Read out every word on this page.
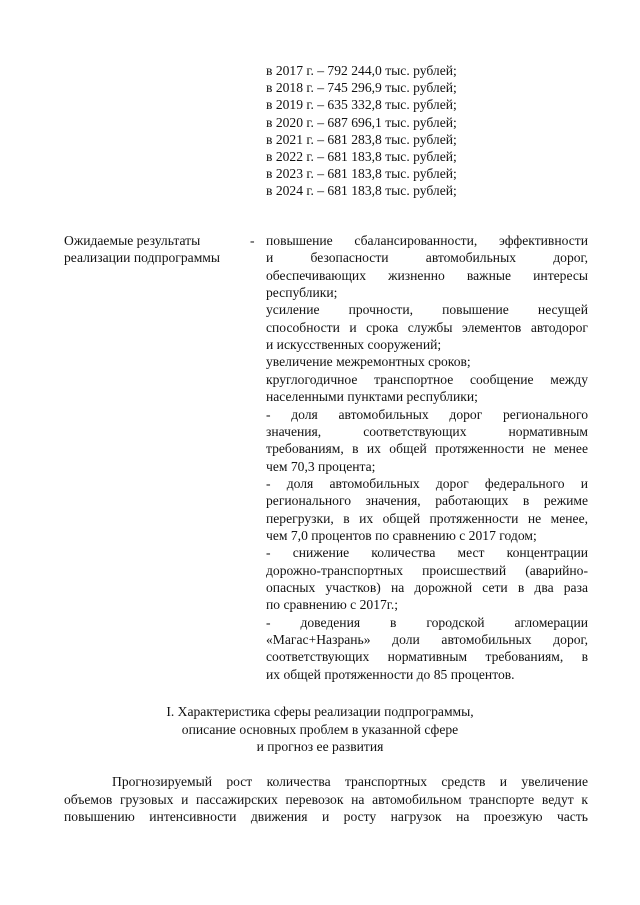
в 2017 г. – 792 244,0 тыс. рублей;
в 2018 г. – 745 296,9 тыс. рублей;
в 2019 г. – 635 332,8 тыс. рублей;
в 2020 г. – 687 696,1 тыс. рублей;
в 2021 г. – 681 283,8 тыс. рублей;
в 2022 г. – 681 183,8 тыс. рублей;
в 2023 г. – 681 183,8 тыс. рублей;
в 2024 г. – 681 183,8 тыс. рублей;
Ожидаемые результаты
реализации подпрограммы
- повышение сбалансированности, эффективности
и безопасности автомобильных дорог,
обеспечивающих жизненно важные интересы
республики;
усиление прочности, повышение несущей
способности и срока службы элементов автодорог
и искусственных сооружений;
увеличение межремонтных сроков;
круглогодичное транспортное сообщение между
населенными пунктами республики;
- доля автомобильных дорог регионального
значения, соответствующих нормативным
требованиям, в их общей протяженности не менее
чем 70,3 процента;
- доля автомобильных дорог федерального и
регионального значения, работающих в режиме
перегрузки, в их общей протяженности не менее,
чем 7,0 процентов по сравнению с 2017 годом;
- снижение количества мест концентрации
дорожно-транспортных происшествий (аварийно-
опасных участков) на дорожной сети в два раза
по сравнению с 2017г.;
- доведения в городской агломерации
«Магас+Назрань» доли автомобильных дорог,
соответствующих нормативным требованиям, в
их общей протяженности до 85 процентов.
I. Характеристика сферы реализации подпрограммы,
описание основных проблем в указанной сфере
и прогноз ее развития
Прогнозируемый рост количества транспортных средств и увеличение
объемов грузовых и пассажирских перевозок на автомобильном транспорте ведут к
повышению интенсивности движения и росту нагрузок на проезжую часть
